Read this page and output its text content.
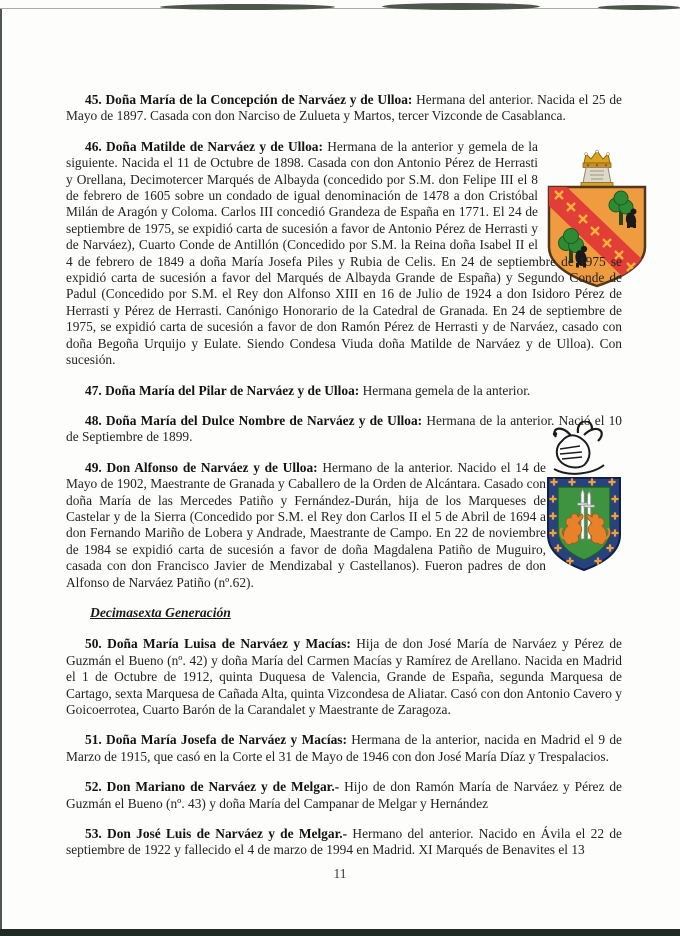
45. Doña María de la Concepción de Narváez y de Ulloa: Hermana del anterior. Nacida el 25 de Mayo de 1897. Casada con don Narciso de Zulueta y Martos, tercer Vizconde de Casablanca.

46. Doña Matilde de Narváez y de Ulloa: Hermana de la anterior y gemela de la siguiente. Nacida el 11 de Octubre de 1898. Casada con don Antonio Pérez de Herrasti y Orellana, Decimotercer Marqués de Albayda (concedido por S.M. don Felipe III el 8 de febrero de 1605 sobre un condado de igual denominación de 1478 a don Cristóbal Milán de Aragón y Coloma. Carlos III concedió Grandeza de España en 1771. El 24 de septiembre de 1975, se expidió carta de sucesión a favor de Antonio Pérez de Herrasti y de Narváez), Cuarto Conde de Antillón (Concedido por S.M. la Reina doña Isabel II el 4 de febrero de 1849 a doña María Josefa Piles y Rubia de Celis. En 24 de septiembre de 1975 se expidió carta de sucesión a favor del Marqués de Albayda Grande de España) y Segundo Conde de Padul (Concedido por S.M. el Rey don Alfonso XIII en 16 de Julio de 1924 a don Isidoro Pérez de Herrasti y Pérez de Herrasti. Canónigo Honorario de la Catedral de Granada. En 24 de septiembre de 1975, se expidió carta de sucesión a favor de don Ramón Pérez de Herrasti y de Narváez, casado con doña Begoña Urquijo y Eulate. Siendo Condesa Viuda doña Matilde de Narváez y de Ulloa). Con sucesión.

47. Doña María del Pilar de Narváez y de Ulloa: Hermana gemela de la anterior.

48. Doña María del Dulce Nombre de Narváez y de Ulloa: Hermana de la anterior. Nació el 10 de Septiembre de 1899.

49. Don Alfonso de Narváez y de Ulloa: Hermano de la anterior. Nacido el 14 de Mayo de 1902, Maestrante de Granada y Caballero de la Orden de Alcántara. Casado con doña María de las Mercedes Patiño y Fernández-Durán, hija de los Marqueses de Castelar y de la Sierra (Concedido por S.M. el Rey don Carlos II el 5 de Abril de 1694 a don Fernando Mariño de Lobera y Andrade, Maestrante de Campo. En 22 de noviembre de 1984 se expidió carta de sucesión a favor de doña Magdalena Patiño de Muguiro, casada con don Francisco Javier de Mendizabal y Castellanos). Fueron padres de don Alfonso de Narváez Patiño (nº.62).

Decimasexta Generación

50. Doña María Luisa de Narváez y Macías: Hija de don José María de Narváez y Pérez de Guzmán el Bueno (nº. 42) y doña María del Carmen Macías y Ramírez de Arellano. Nacida en Madrid el 1 de Octubre de 1912, quinta Duquesa de Valencia, Grande de España, segunda Marquesa de Cartago, sexta Marquesa de Cañada Alta, quinta Vizcondesa de Aliatar. Casó con don Antonio Cavero y Goicoerrotea, Cuarto Barón de la Carandalet y Maestrante de Zaragoza.

51. Doña María Josefa de Narváez y Macías: Hermana de la anterior, nacida en Madrid el 9 de Marzo de 1915, que casó en la Corte el 31 de Mayo de 1946 con don José María Díaz y Trespalacios.

52. Don Mariano de Narváez y de Melgar.- Hijo de don Ramón María de Narváez y Pérez de Guzmán el Bueno (nº. 43) y doña María del Campanar de Melgar y Hernández

53. Don José Luis de Narváez y de Melgar.- Hermano del anterior. Nacido en Ávila el 22 de septiembre de 1922 y fallecido el 4 de marzo de 1994 en Madrid. XI Marqués de Benavites el 13

11
